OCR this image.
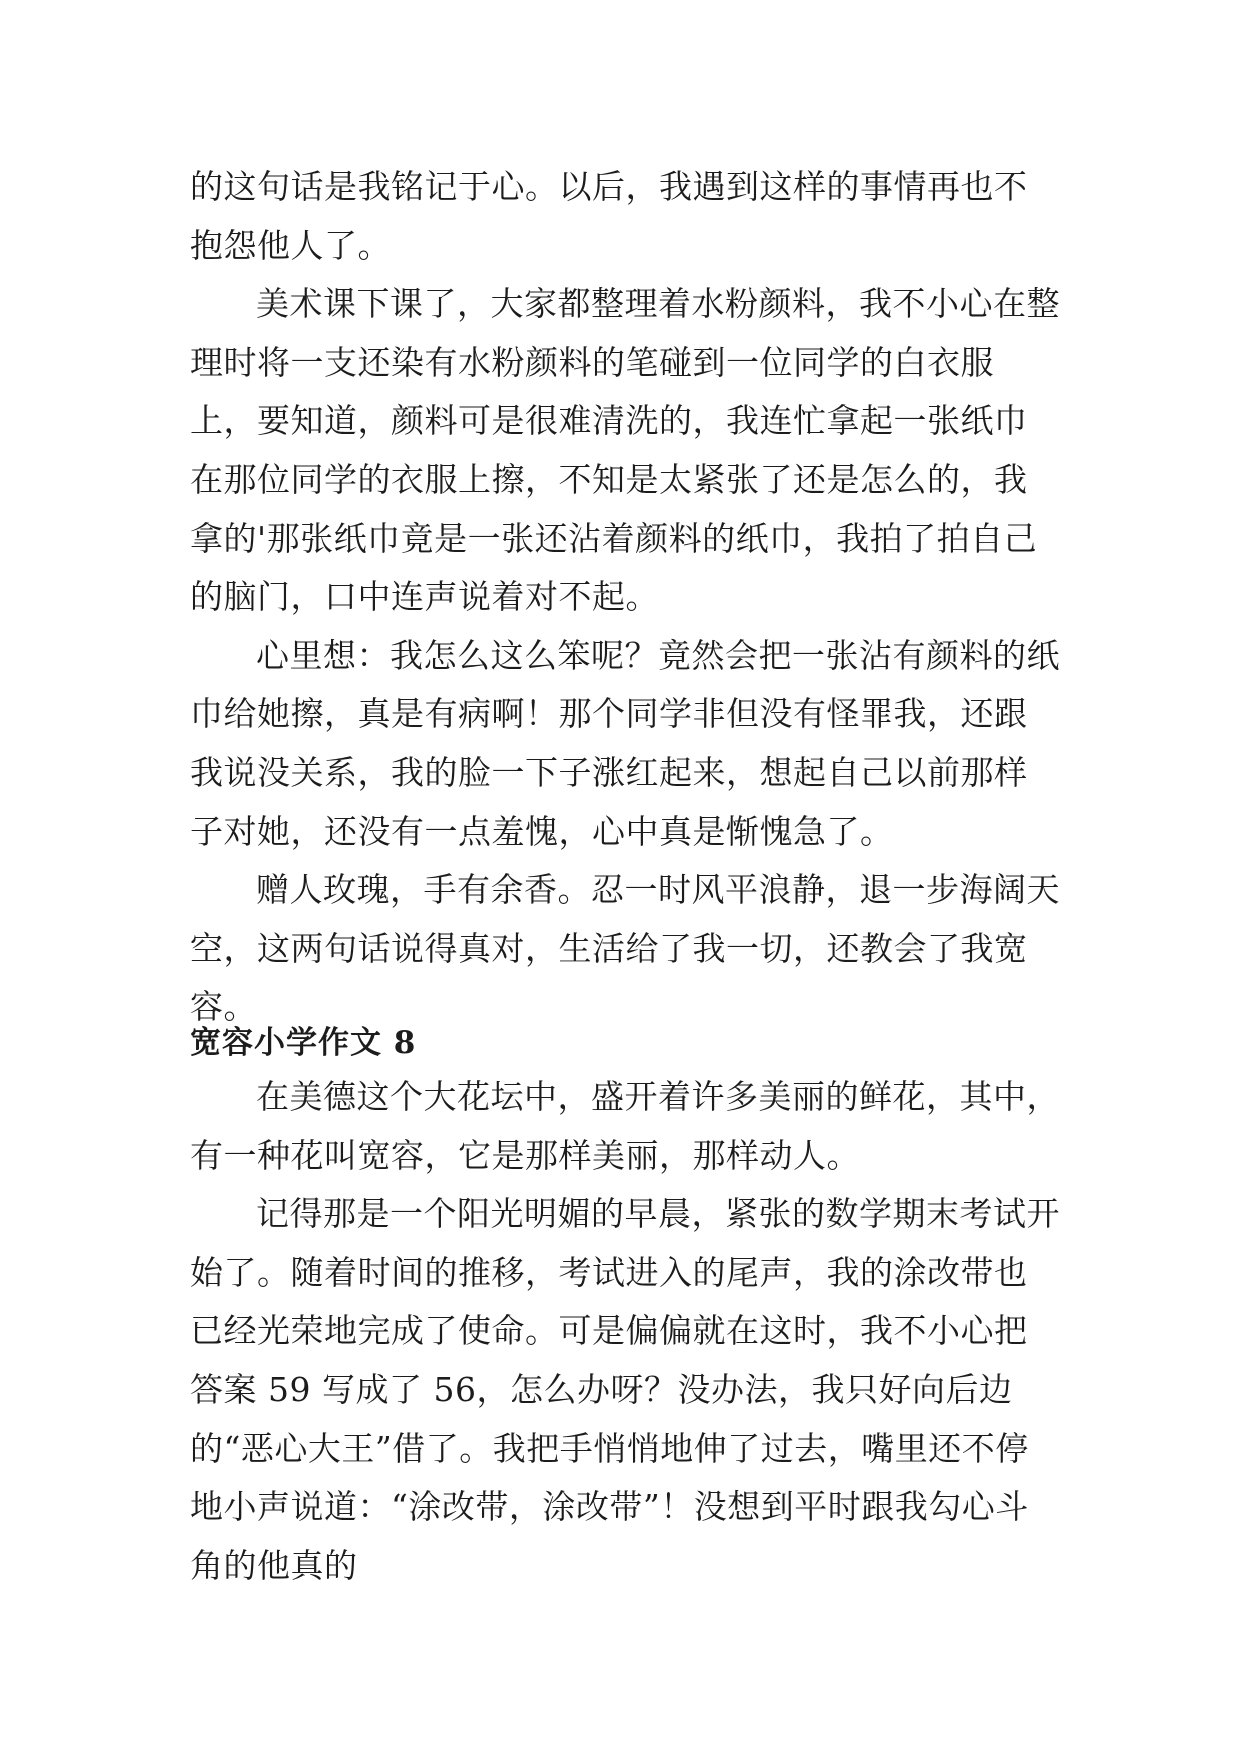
的这句话是我铭记于心。以后，我遇到这样的事情再也不抱怨他人了。

美术课下课了，大家都整理着水粉颜料，我不小心在整理时将一支还染有水粉颜料的笔碰到一位同学的白衣服上，要知道，颜料可是很难清洗的，我连忙拿起一张纸巾在那位同学的衣服上擦，不知是太紧张了还是怎么的，我拿的'那张纸巾竟是一张还沾着颜料的纸巾，我拍了拍自己的脑门，口中连声说着对不起。

心里想：我怎么这么笨呢？竟然会把一张沾有颜料的纸巾给她擦，真是有病啊！那个同学非但没有怪罪我，还跟我说没关系，我的脸一下子涨红起来，想起自己以前那样子对她，还没有一点羞愧，心中真是惭愧急了。

赠人玫瑰，手有余香。忍一时风平浪静，退一步海阔天空，这两句话说得真对，生活给了我一切，还教会了我宽容。

宽容小学作文 8

在美德这个大花坛中，盛开着许多美丽的鲜花，其中，有一种花叫宽容，它是那样美丽，那样动人。

记得那是一个阳光明媚的早晨，紧张的数学期末考试开始了。随着时间的推移，考试进入的尾声，我的涂改带也已经光荣地完成了使命。可是偏偏就在这时，我不小心把答案 59 写成了 56，怎么办呀？没办法，我只好向后边的“恶心大王”借了。我把手悄悄地伸了过去，嘴里还不停地小声说道：“涂改带，涂改带”！没想到平时跟我勾心斗角的他真的
